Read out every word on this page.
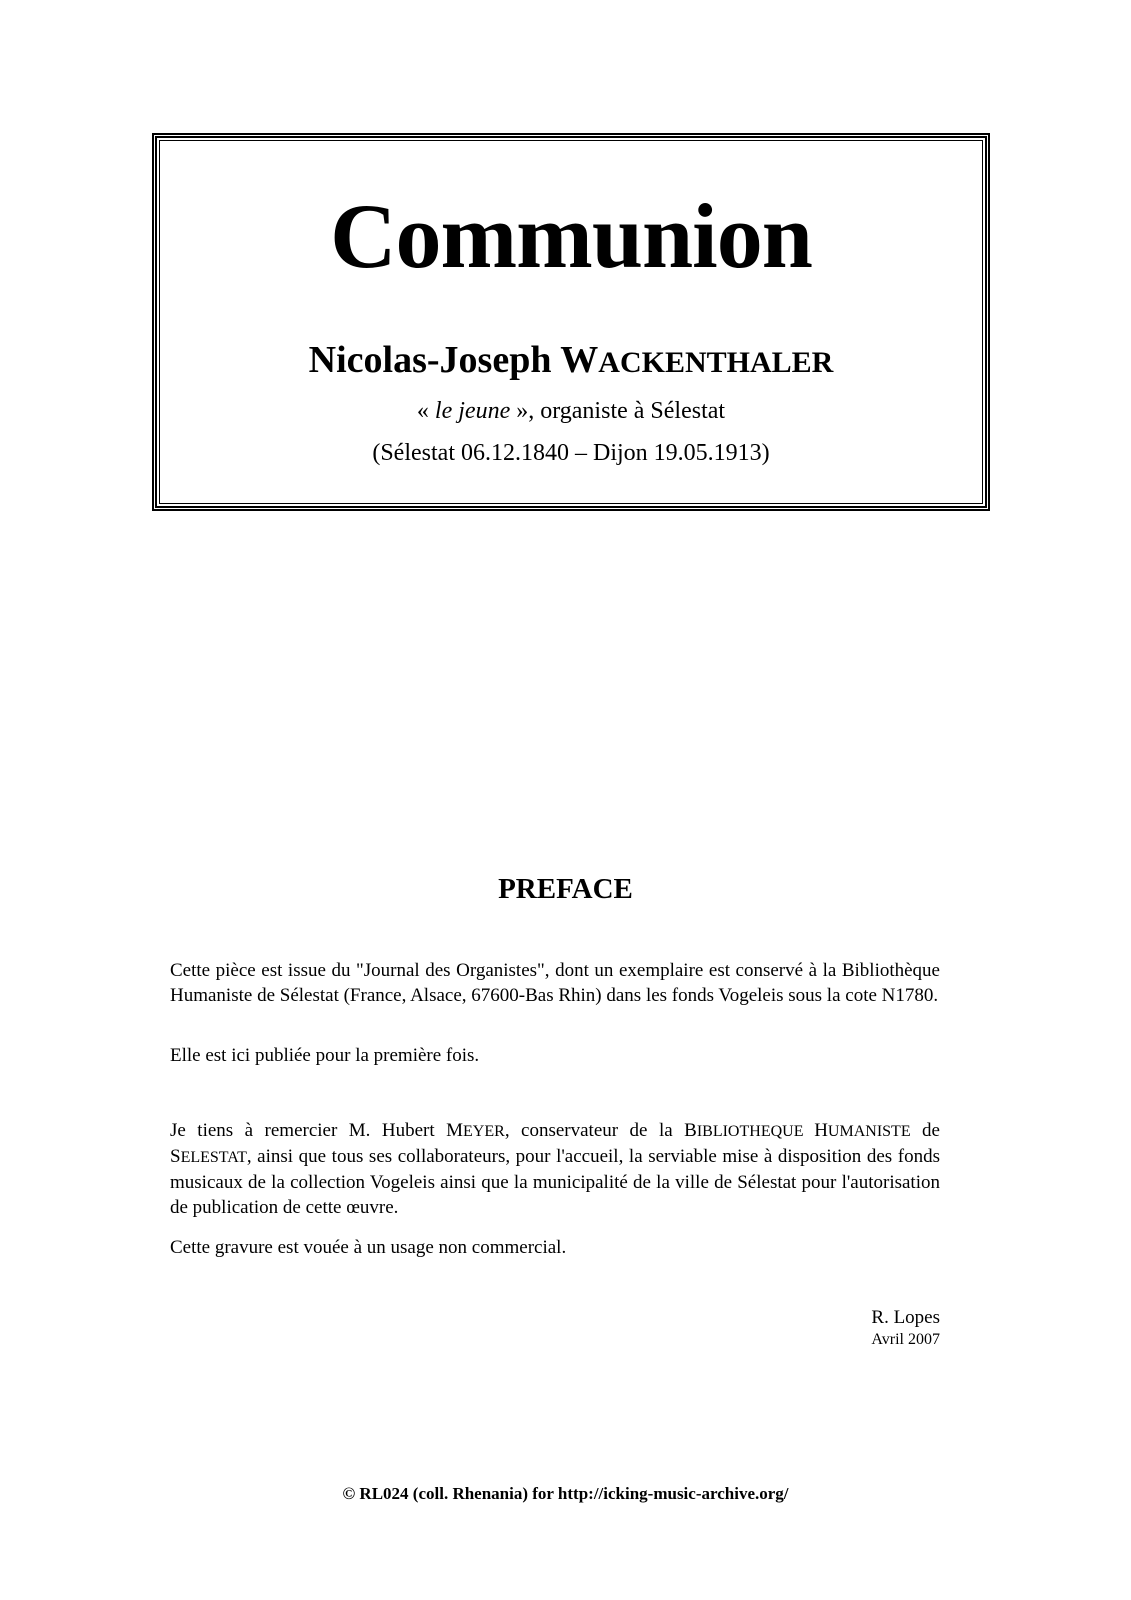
Communion
Nicolas-Joseph WACKENTHALER
« le jeune », organiste à Sélestat
(Sélestat 06.12.1840 – Dijon 19.05.1913)
PREFACE
Cette pièce est issue du "Journal des Organistes", dont un exemplaire est conservé à la Bibliothèque Humaniste de Sélestat (France, Alsace, 67600-Bas Rhin) dans les fonds Vogeleis sous la cote N1780.
Elle est ici publiée pour la première fois.
Je tiens à remercier M. Hubert MEYER, conservateur de la BIBLIOTHEQUE HUMANISTE de SELESTAT, ainsi que tous ses collaborateurs, pour l'accueil, la serviable mise à disposition des fonds musicaux de la collection Vogeleis ainsi que la municipalité de la ville de Sélestat pour l'autorisation de publication de cette œuvre.
Cette gravure est vouée à un usage non commercial.
R. Lopes
Avril 2007
© RL024 (coll. Rhenania) for http://icking-music-archive.org/
